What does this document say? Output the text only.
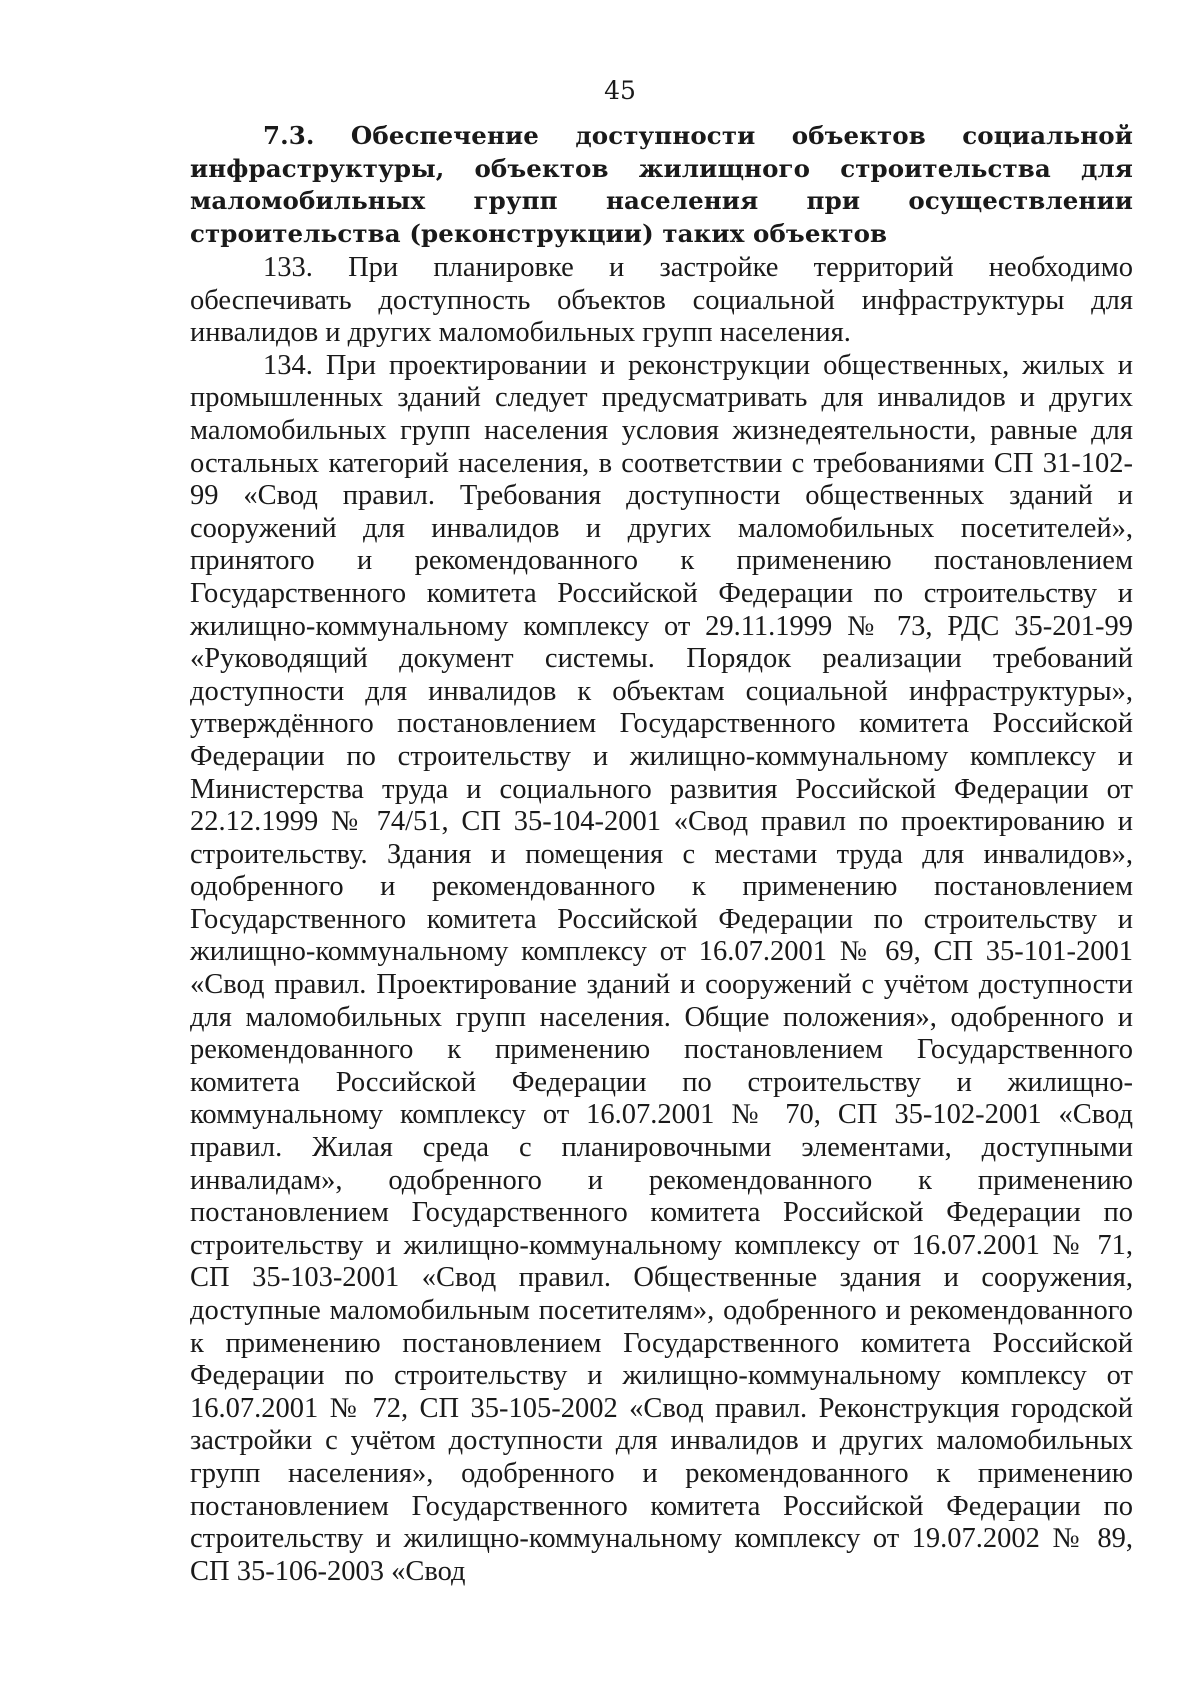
45
7.3. Обеспечение доступности объектов социальной инфраструктуры, объектов жилищного строительства для маломобильных групп населения при осуществлении строительства (реконструкции) таких объектов

133. При планировке и застройке территорий необходимо обеспечивать доступность объектов социальной инфраструктуры для инвалидов и других маломобильных групп населения.

134. При проектировании и реконструкции общественных, жилых и промышленных зданий следует предусматривать для инвалидов и других маломобильных групп населения условия жизнедеятельности, равные для остальных категорий населения, в соответствии с требованиями СП 31-102-99 «Свод правил. Требования доступности общественных зданий и сооружений для инвалидов и других маломобильных посетителей», принятого и рекомендованного к применению постановлением Государственного комитета Российской Федерации по строительству и жилищно-коммунальному комплексу от 29.11.1999 № 73, РДС 35-201-99 «Руководящий документ системы. Порядок реализации требований доступности для инвалидов к объектам социальной инфраструктуры», утверждённого постановлением Государственного комитета Российской Федерации по строительству и жилищно-коммунальному комплексу и Министерства труда и социального развития Российской Федерации от 22.12.1999 № 74/51, СП 35-104-2001 «Свод правил по проектированию и строительству. Здания и помещения с местами труда для инвалидов», одобренного и рекомендованного к применению постановлением Государственного комитета Российской Федерации по строительству и жилищно-коммунальному комплексу от 16.07.2001 № 69, СП 35-101-2001 «Свод правил. Проектирование зданий и сооружений с учётом доступности для маломобильных групп населения. Общие положения», одобренного и рекомендованного к применению постановлением Государственного комитета Российской Федерации по строительству и жилищно-коммунальному комплексу от 16.07.2001 № 70, СП 35-102-2001 «Свод правил. Жилая среда с планировочными элементами, доступными инвалидам», одобренного и рекомендованного к применению постановлением Государственного комитета Российской Федерации по строительству и жилищно-коммунальному комплексу от 16.07.2001 № 71, СП 35-103-2001 «Свод правил. Общественные здания и сооружения, доступные маломобильным посетителям», одобренного и рекомендованного к применению постановлением Государственного комитета Российской Федерации по строительству и жилищно-коммунальному комплексу от 16.07.2001 № 72, СП 35-105-2002 «Свод правил. Реконструкция городской застройки с учётом доступности для инвалидов и других маломобильных групп населения», одобренного и рекомендованного к применению постановлением Государственного комитета Российской Федерации по строительству и жилищно-коммунальному комплексу от 19.07.2002 № 89, СП 35-106-2003 «Свод
